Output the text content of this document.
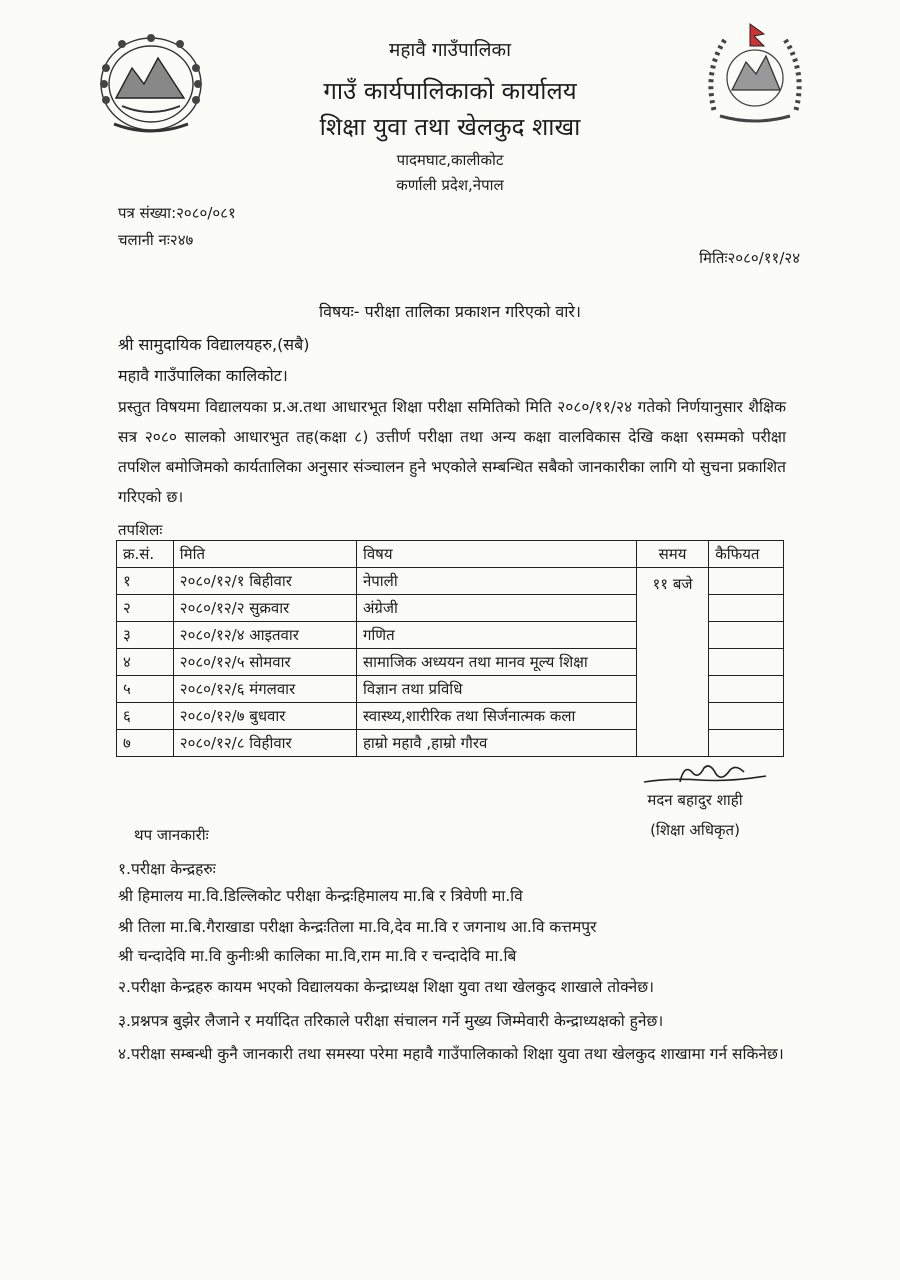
महावै गाउँपालिका
गाउँ कार्यपालिकाको कार्यालय
शिक्षा युवा तथा खेलकुद शाखा
पादमघाट,कालीकोट
कर्णाली प्रदेश,नेपाल
पत्र संख्या:२०८०/०८१
चलानी नः२४७
मितिः२०८०/११/२४
विषयः- परीक्षा तालिका प्रकाशन गरिएको वारे।
श्री सामुदायिक विद्यालयहरु,(सबै)
महावै गाउँपालिका कालिकोट।
प्रस्तुत विषयमा विद्यालयका प्र.अ.तथा आधारभूत शिक्षा परीक्षा समितिको मिति २०८०/११/२४ गतेको निर्णयानुसार शैक्षिक सत्र २०८० सालको आधारभुत तह(कक्षा ८) उत्तीर्ण परीक्षा तथा अन्य कक्षा वालविकास देखि कक्षा ९सम्मको परीक्षा तपशिल बमोजिमको कार्यतालिका अनुसार संञ्चालन हुने भएकोले सम्बन्धित सबैको जानकारीका लागि यो सुचना प्रकाशित गरिएको छ।
तपशिलः
क्र.सं.	मिति	विषय	समय	कैफियत
१	२०८०/१२/१ बिहीवार	नेपाली	११ बजे	
२	२०८०/१२/२ सुक्रवार	अंग्रेजी		
३	२०८०/१२/४ आइतवार	गणित		
४	२०८०/१२/५ सोमवार	सामाजिक अध्ययन तथा मानव मूल्य शिक्षा		
५	२०८०/१२/६ मंगलवार	विज्ञान तथा प्रविधि		
६	२०८०/१२/७ बुधवार	स्वास्थ्य,शारीरिक तथा सिर्जनात्मक कला		
७	२०८०/१२/८ विहीवार	हाम्रो महावै ,हाम्रो गौरव		
मदन बहादुर शाही
(शिक्षा अधिकृत)
थप जानकारीः
१.परीक्षा केन्द्रहरुः
श्री हिमालय मा.वि.डिल्लिकोट परीक्षा केन्द्रःहिमालय मा.बि र त्रिवेणी मा.वि
श्री तिला मा.बि.गैराखाडा परीक्षा केन्द्रःतिला मा.वि,देव मा.वि र जगनाथ आ.वि कत्तमपुर
श्री चन्दादेवि मा.वि कुनीःश्री कालिका मा.वि,राम मा.वि र चन्दादेवि मा.बि
२.परीक्षा केन्द्रहरु कायम भएको विद्यालयका केन्द्राध्यक्ष शिक्षा युवा तथा खेलकुद शाखाले तोक्नेछ।
३.प्रश्नपत्र बुझेर लैजाने र मर्यादित तरिकाले परीक्षा संचालन गर्ने मुख्य जिम्मेवारी केन्द्राध्यक्षको हुनेछ।
४.परीक्षा सम्बन्धी कुनै जानकारी तथा समस्या परेमा महावै गाउँपालिकाको शिक्षा युवा तथा खेलकुद शाखामा गर्न सकिनेछ।
